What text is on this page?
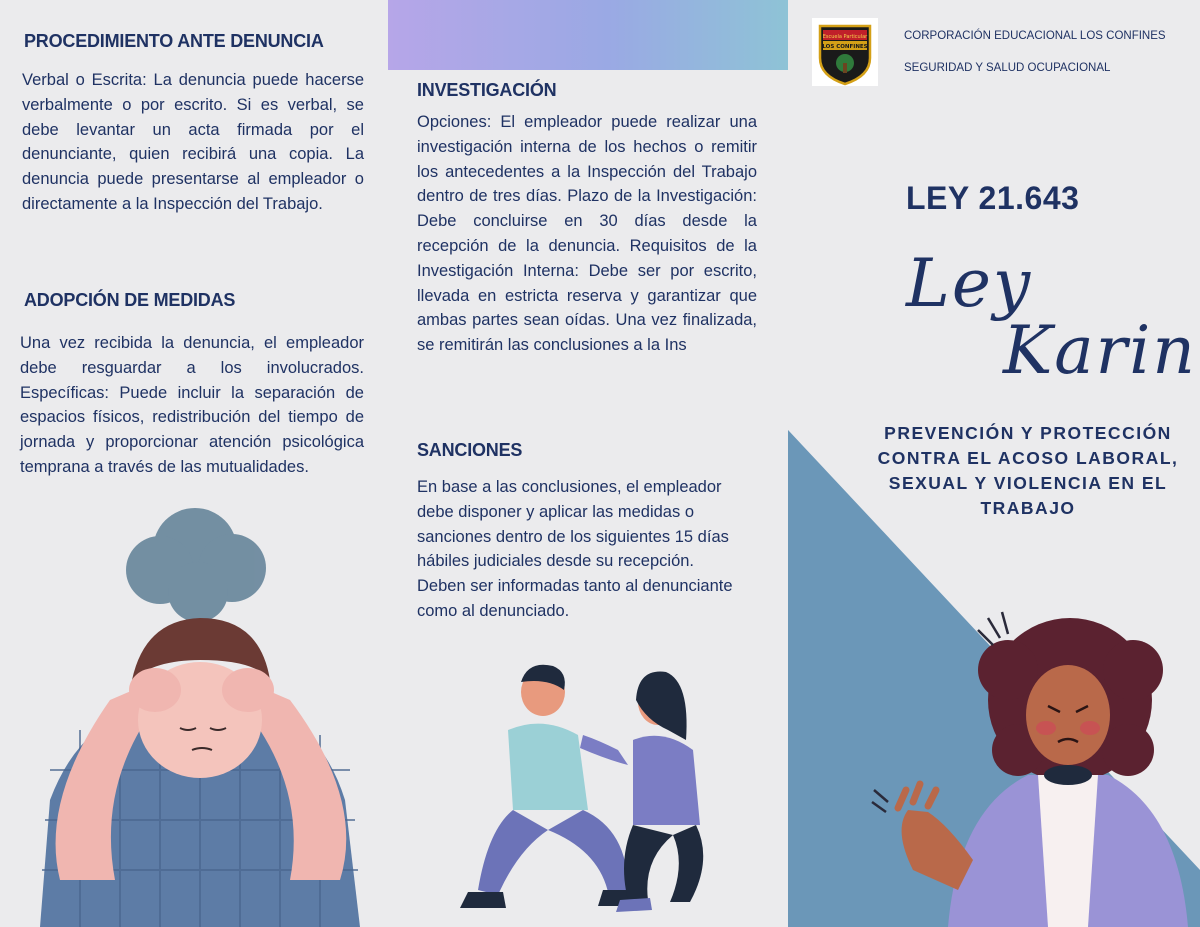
PROCEDIMIENTO ANTE DENUNCIA

Verbal o Escrita: La denuncia puede hacerse verbalmente o por escrito. Si es verbal, se debe levantar un acta firmada por el denunciante, quien recibirá una copia. La denuncia puede presentarse al empleador o directamente a la Inspección del Trabajo.

ADOPCIÓN DE MEDIDAS

Una vez recibida la denuncia, el empleador debe resguardar a los involucrados. Específicas: Puede incluir la separación de espacios físicos, redistribución del tiempo de jornada y proporcionar atención psicológica temprana a través de las mutualidades.

INVESTIGACIÓN

Opciones: El empleador puede realizar una investigación interna de los hechos o remitir los antecedentes a la Inspección del Trabajo dentro de tres días. Plazo de la Investigación: Debe concluirse en 30 días desde la recepción de la denuncia. Requisitos de la Investigación Interna: Debe ser por escrito, llevada en estricta reserva y garantizar que ambas partes sean oídas. Una vez finalizada, se remitirán las conclusiones a la Ins

SANCIONES

En base a las conclusiones, el empleador debe disponer y aplicar las medidas o sanciones dentro de los siguientes 15 días hábiles judiciales desde su recepción. Deben ser informadas tanto al denunciante como al denunciado.

Escuela Particular
LOS CONFINES
CORPORACIÓN EDUCACIONAL LOS CONFINES
SEGURIDAD Y SALUD OCUPACIONAL
LEY 21.643
Ley
Karin
PREVENCIÓN Y PROTECCIÓN CONTRA EL ACOSO LABORAL, SEXUAL Y VIOLENCIA EN EL TRABAJO
